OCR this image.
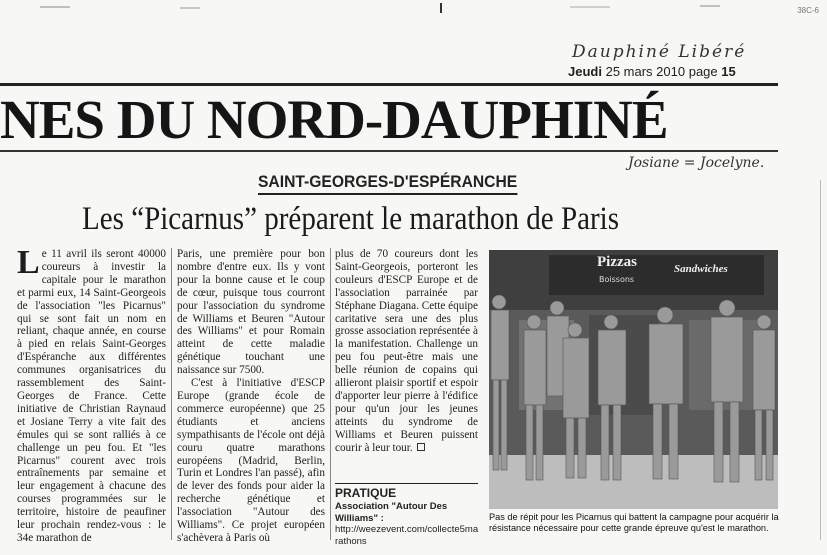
38C-6
Dauphiné Libéré
Jeudi 25 mars 2010 page 15
NES DU NORD-DAUPHINÉ
Josiane = Jocelyne.
SAINT-GEORGES-D'ESPÉRANCHE
Les “Picarnus” préparent le marathon de Paris

Le 11 avril ils seront 40000 coureurs à investir la capitale pour le marathon et parmi eux, 14 Saint-Georgeois de l'association "les Picarnus" qui se sont fait un nom en reliant, chaque année, en course à pied en relais Saint-Georges d'Espéranche aux différentes communes organisatrices du rassemblement des Saint-Georges de France. Cette initiative de Christian Raynaud et Josiane Terry a vite fait des émules qui se sont ralliés à ce challenge un peu fou. Et "les Picarnus" courent avec trois entraînements par semaine et leur engagement à chacune des courses programmées sur le territoire, histoire de peaufiner leur prochain rendez-vous : le 34e marathon de

Paris, une première pour bon nombre d'entre eux. Ils y vont pour la bonne cause et le coup de cœur, puisque tous courront pour l'association du syndrome de Williams et Beuren "Autour des Williams" et pour Romain atteint de cette maladie génétique touchant une naissance sur 7500.

C'est à l'initiative d'ESCP Europe (grande école de commerce européenne) que 25 étudiants et anciens sympathisants de l'école ont déjà couru quatre marathons européens (Madrid, Berlin, Turin et Londres l'an passé), afin de lever des fonds pour aider la recherche génétique et l'association "Autour des Williams". Ce projet européen s'achèvera à Paris où

plus de 70 coureurs dont les Saint-Georgeois, porteront les couleurs d'ESCP Europe et de l'association parrainée par Stéphane Diagana. Cette équipe caritative sera une des plus grosse association représentée à la manifestation. Challenge un peu fou peut-être mais une belle réunion de copains qui allieront plaisir sportif et espoir d'apporter leur pierre à l'édifice pour qu'un jour les jeunes atteints du syndrome de Williams et Beuren puissent courir à leur tour.

PRATIQUE
Association "Autour Des Williams" :
http://weezevent.com/collecte5marathons
Pizzas
Boissons
Sandwiches
Pas de répit pour les Picarnus qui battent la campagne pour acquérir la résistance nécessaire pour cette grande épreuve qu'est le marathon.
